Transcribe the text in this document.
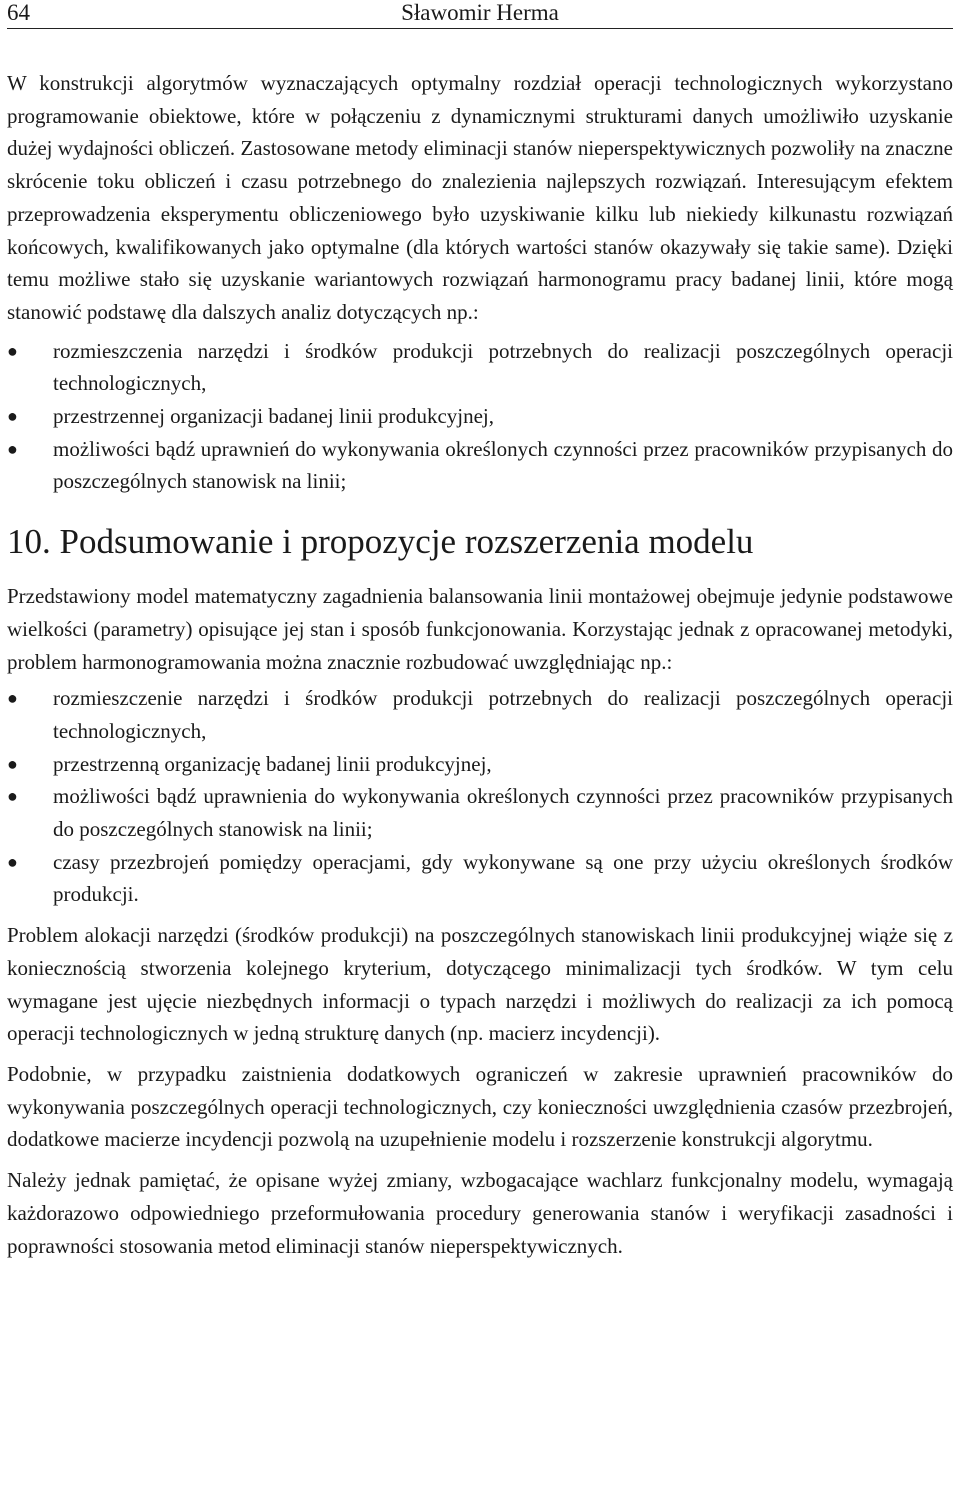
64	Sławomir Herma

W konstrukcji algorytmów wyznaczających optymalny rozdział operacji technologicznych wykorzystano programowanie obiektowe, które w połączeniu z dynamicznymi strukturami danych umożliwiło uzyskanie dużej wydajności obliczeń. Zastosowane metody eliminacji stanów nieperspektywicznych pozwoliły na znaczne skrócenie toku obliczeń i czasu potrzebnego do znalezienia najlepszych rozwiązań. Interesującym efektem przeprowadzenia eksperymentu obliczeniowego było uzyskiwanie kilku lub niekiedy kilkunastu rozwiązań końcowych, kwalifikowanych jako optymalne (dla których wartości stanów okazywały się takie same). Dzięki temu możliwe stało się uzyskanie wariantowych rozwiązań harmonogramu pracy badanej linii, które mogą stanowić podstawę dla dalszych analiz dotyczących np.:

● rozmieszczenia narzędzi i środków produkcji potrzebnych do realizacji poszczególnych operacji technologicznych,
● przestrzennej organizacji badanej linii produkcyjnej,
● możliwości bądź uprawnień do wykonywania określonych czynności przez pracowników przypisanych do poszczególnych stanowisk na linii;
10. Podsumowanie i propozycje rozszerzenia modelu

Przedstawiony model matematyczny zagadnienia balansowania linii montażowej obejmuje jedynie podstawowe wielkości (parametry) opisujące jej stan i sposób funkcjonowania. Korzystając jednak z opracowanej metodyki, problem harmonogramowania można znacznie rozbudować uwzględniając np.:

● rozmieszczenie narzędzi i środków produkcji potrzebnych do realizacji poszczególnych operacji technologicznych,
● przestrzenną organizację badanej linii produkcyjnej,
● możliwości bądź uprawnienia do wykonywania określonych czynności przez pracowników przypisanych do poszczególnych stanowisk na linii;
● czasy przezbrojeń pomiędzy operacjami, gdy wykonywane są one przy użyciu określonych środków produkcji.

Problem alokacji narzędzi (środków produkcji) na poszczególnych stanowiskach linii produkcyjnej wiąże się z koniecznością stworzenia kolejnego kryterium, dotyczącego minimalizacji tych środków. W tym celu wymagane jest ujęcie niezbędnych informacji o typach narzędzi i możliwych do realizacji za ich pomocą operacji technologicznych w jedną strukturę danych (np. macierz incydencji).

Podobnie, w przypadku zaistnienia dodatkowych ograniczeń w zakresie uprawnień pracowników do wykonywania poszczególnych operacji technologicznych, czy konieczności uwzględnienia czasów przezbrojeń, dodatkowe macierze incydencji pozwolą na uzupełnienie modelu i rozszerzenie konstrukcji algorytmu.

Należy jednak pamiętać, że opisane wyżej zmiany, wzbogacające wachlarz funkcjonalny modelu, wymagają każdorazowo odpowiedniego przeformułowania procedury generowania stanów i weryfikacji zasadności i poprawności stosowania metod eliminacji stanów nieperspektywicznych.
